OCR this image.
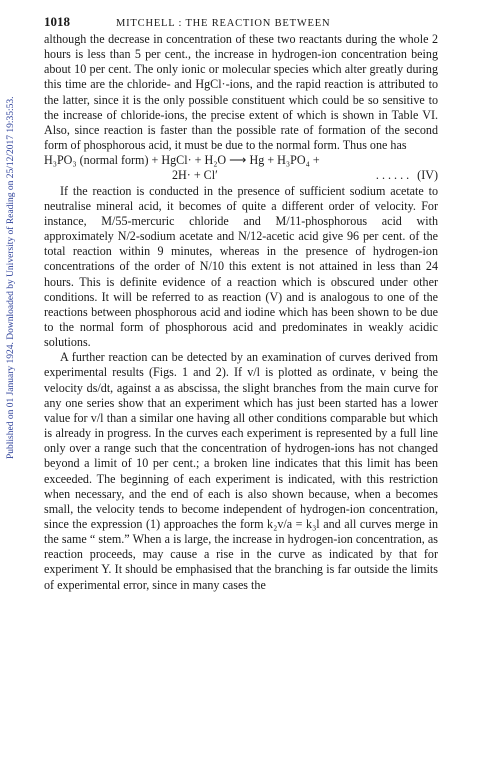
Published on 01 January 1924. Downloaded by University of Reading on 25/12/2017 19:35:53.
1018	MITCHELL : THE REACTION BETWEEN

although the decrease in concentration of these two reactants during the whole 2 hours is less than 5 per cent., the increase in hydrogen-ion concentration being about 10 per cent. The only ionic or molecular species which alter greatly during this time are the chloride- and HgCl·-ions, and the rapid reaction is attributed to the latter, since it is the only possible constituent which could be so sensitive to the increase of chloride-ions, the precise extent of which is shown in Table VI. Also, since reaction is faster than the possible rate of formation of the second form of phosphorous acid, it must be due to the normal form. Thus one has

H₃PO₃ (normal form) + HgCl· + H₂O ⟶ Hg + H₃PO₄ +
2H· + Cl′	. . . . . . (IV)

If the reaction is conducted in the presence of sufficient sodium acetate to neutralise mineral acid, it becomes of quite a different order of velocity. For instance, M/55-mercuric chloride and M/11-phosphorous acid with approximately N/2-sodium acetate and N/12-acetic acid give 96 per cent. of the total reaction within 9 minutes, whereas in the presence of hydrogen-ion concentrations of the order of N/10 this extent is not attained in less than 24 hours. This is definite evidence of a reaction which is obscured under other conditions. It will be referred to as reaction (V) and is analogous to one of the reactions between phosphorous acid and iodine which has been shown to be due to the normal form of phosphorous acid and predominates in weakly acidic solutions.

A further reaction can be detected by an examination of curves derived from experimental results (Figs. 1 and 2). If v/l is plotted as ordinate, v being the velocity ds/dt, against a as abscissa, the slight branches from the main curve for any one series show that an experiment which has just been started has a lower value for v/l than a similar one having all other conditions comparable but which is already in progress. In the curves each experiment is represented by a full line only over a range such that the concentration of hydrogen-ions has not changed beyond a limit of 10 per cent.; a broken line indicates that this limit has been exceeded. The beginning of each experiment is indicated, with this restriction when necessary, and the end of each is also shown because, when a becomes small, the velocity tends to become independent of hydrogen-ion concentration, since the expression (1) approaches the form k₂v/a = k₃l and all curves merge in the same “ stem.” When a is large, the increase in hydrogen-ion concentration, as reaction proceeds, may cause a rise in the curve as indicated by that for experiment Y. It should be emphasised that the branching is far outside the limits of experimental error, since in many cases the
